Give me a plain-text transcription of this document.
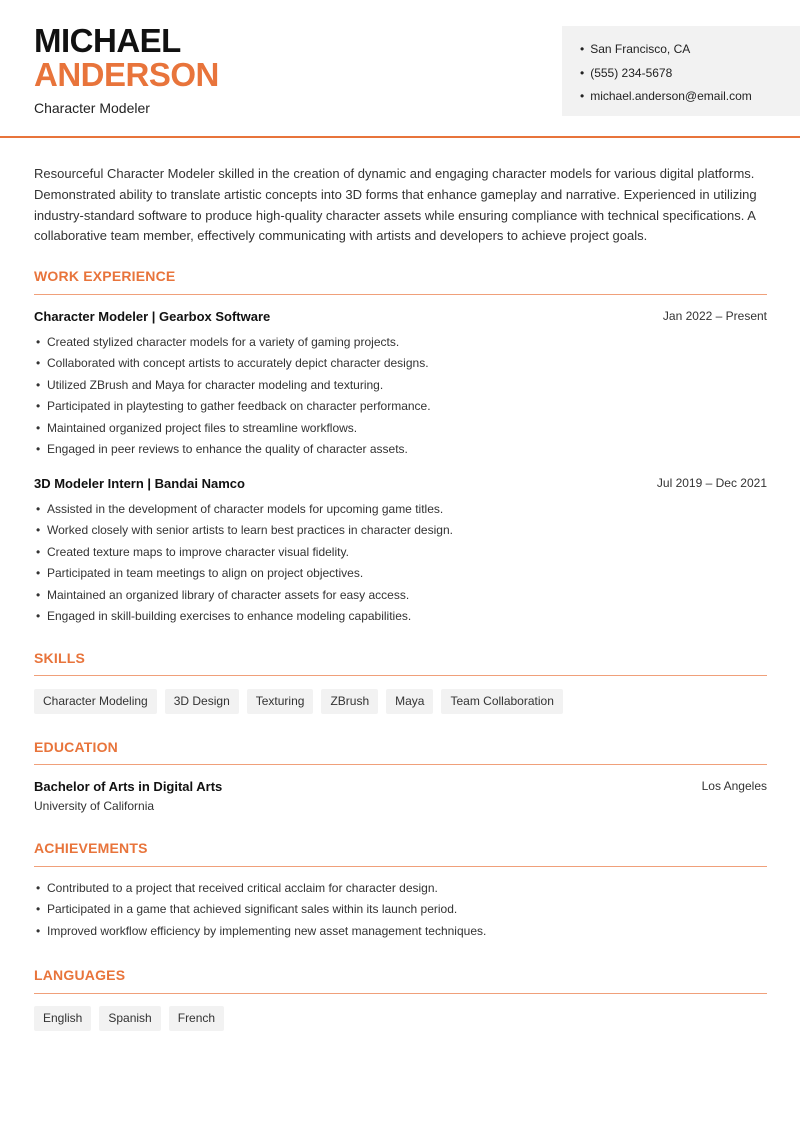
MICHAEL
ANDERSON
Character Modeler
• San Francisco, CA
• (555) 234-5678
• michael.anderson@email.com

Resourceful Character Modeler skilled in the creation of dynamic and engaging character models for various digital platforms. Demonstrated ability to translate artistic concepts into 3D forms that enhance gameplay and narrative. Experienced in utilizing industry-standard software to produce high-quality character assets while ensuring compliance with technical specifications. A collaborative team member, effectively communicating with artists and developers to achieve project goals.

WORK EXPERIENCE
Character Modeler | Gearbox Software	Jan 2022 – Present
• Created stylized character models for a variety of gaming projects.
• Collaborated with concept artists to accurately depict character designs.
• Utilized ZBrush and Maya for character modeling and texturing.
• Participated in playtesting to gather feedback on character performance.
• Maintained organized project files to streamline workflows.
• Engaged in peer reviews to enhance the quality of character assets.
3D Modeler Intern | Bandai Namco	Jul 2019 – Dec 2021
• Assisted in the development of character models for upcoming game titles.
• Worked closely with senior artists to learn best practices in character design.
• Created texture maps to improve character visual fidelity.
• Participated in team meetings to align on project objectives.
• Maintained an organized library of character assets for easy access.
• Engaged in skill-building exercises to enhance modeling capabilities.
SKILLS
Character Modeling	3D Design	Texturing	ZBrush	Maya	Team Collaboration
EDUCATION
Bachelor of Arts in Digital Arts	Los Angeles
University of California
ACHIEVEMENTS
• Contributed to a project that received critical acclaim for character design.
• Participated in a game that achieved significant sales within its launch period.
• Improved workflow efficiency by implementing new asset management techniques.
LANGUAGES
English	Spanish	French
